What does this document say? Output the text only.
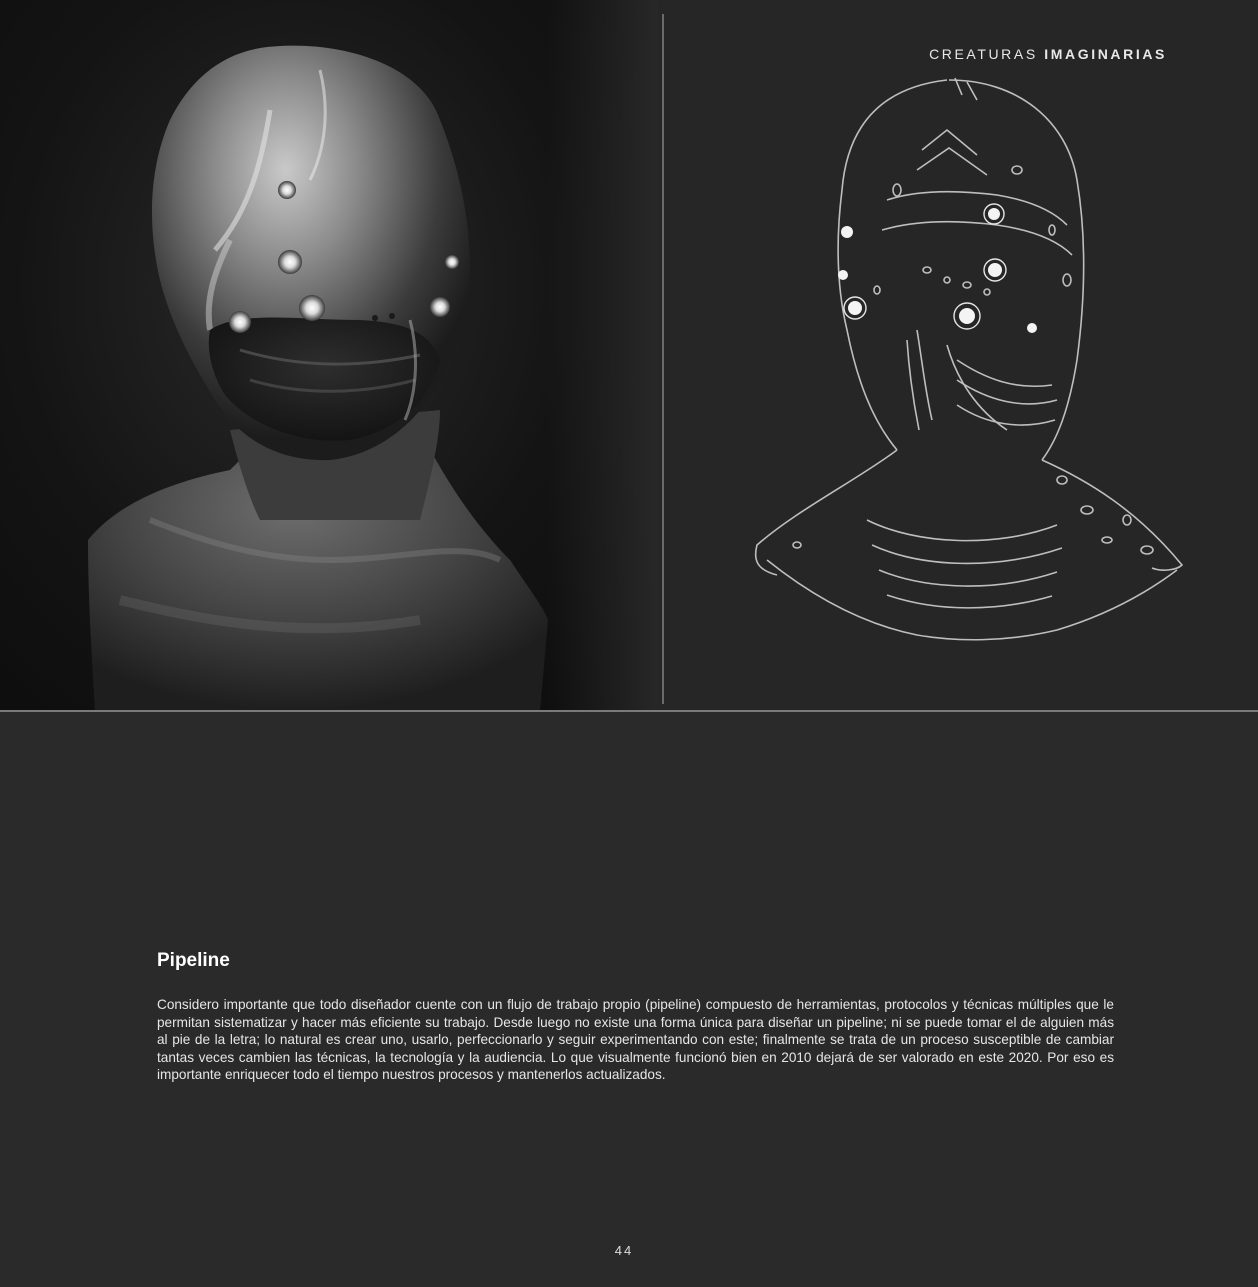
CREATURAS IMAGINARIAS
Pipeline

Considero importante que todo diseñador cuente con un flujo de trabajo propio (pipeline) compuesto de herramientas, protocolos y técnicas múltiples que le permitan sistematizar y hacer más eficiente su trabajo. Desde luego no existe una forma única para diseñar un pipeline; ni se puede tomar el de alguien más al pie de la letra; lo natural es crear uno, usarlo, perfeccionarlo y seguir experimentando con este; finalmente se trata de un proceso susceptible de cambiar tantas veces cambien las técnicas, la tecnología y la audiencia. Lo que visualmente funcionó bien en 2010 dejará de ser valorado en este 2020. Por eso es importante enriquecer todo el tiempo nuestros procesos y mantenerlos actualizados.

44
